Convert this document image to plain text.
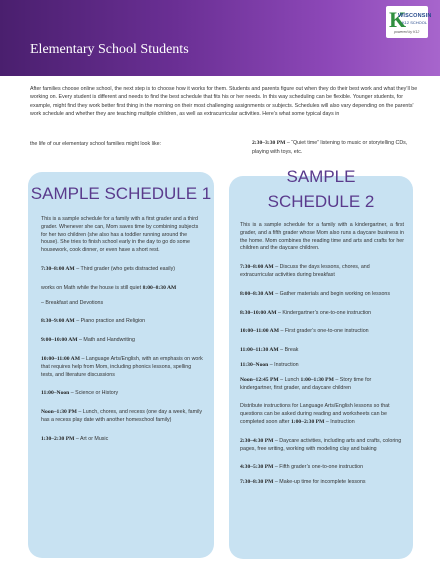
Elementary School Students
K
WISCONSIN
K12 SCHOOL
powered by K12
After families choose online school, the next step is to choose how it works for them. Students and parents figure out when they do their best work and what they’ll be working on. Every student is different and needs to find the best schedule that fits his or her needs. In this way scheduling can be flexible. Younger students, for example, might find they work better first thing in the morning on their most challenging assignments or subjects. Schedules will also vary depending on the parents' work schedule and whether they are teaching multiple children, as well as extracurricular activities. Here’s what some typical days in
the life of our elementary school families might look like:	2:30–3:30 PM – “Quiet time” listening to music or storytelling CDs, playing with toys, etc.
SAMPLE SCHEDULE 1

This is a sample schedule for a family with a first grader and a third grader. Whenever she can, Mom saves time by combining subjects for her two children (she also has a toddler running around the house). She tries to finish school early in the day to go do some housework, cook dinner, or even have a short rest.

7:30–8:00 AM – Third grader (who gets distracted easily)

works on Math while the house is still quiet 8:00–8:30 AM

– Breakfast and Devotions

8:30–9:00 AM – Piano practice and Religion

9:00–10:00 AM – Math and Handwriting

10:00–11:00 AM – Language Arts/English, with an emphasis on work that requires help from Mom, including phonics lessons, spelling tests, and literature discussions

11:00–Noon – Science or History

Noon–1:30 PM – Lunch, chores, and recess (one day a week, family has a recess play date with another homeschool family)

1:30–2:30 PM – Art or Music

SAMPLE
SCHEDULE 2

This is a sample schedule for a family with a kindergartner, a first grader, and a fifth grader whose Mom also runs a daycare business in the home. Mom combines the reading time and arts and crafts for her children and the daycare children.

7:30–8:00 AM – Discuss the days lessons, chores, and extracurricular activities during breakfast

8:00–8:30 AM – Gather materials and begin working on lessons

8:30–10:00 AM – Kindergartner’s one-to-one instruction

10:00–11:00 AM – First grader’s one-to-one instruction

11:00–11:30 AM – Break

11:30–Noon – Instruction

Noon–12:45 PM – Lunch 1:00–1:30 PM – Story time for kindergartner, first grader, and daycare children

Distribute instructions for Language Arts/English lessons so that questions can be asked during reading and worksheets can be completed soon after 1:00–2:30 PM – Instruction

2:30–4:30 PM – Daycare activities, including arts and crafts, coloring pages, free writing, working with modeling clay and baking

4:30–5:30 PM – Fifth grader’s one-to-one instruction

7:30–8:30 PM – Make-up time for incomplete lessons
